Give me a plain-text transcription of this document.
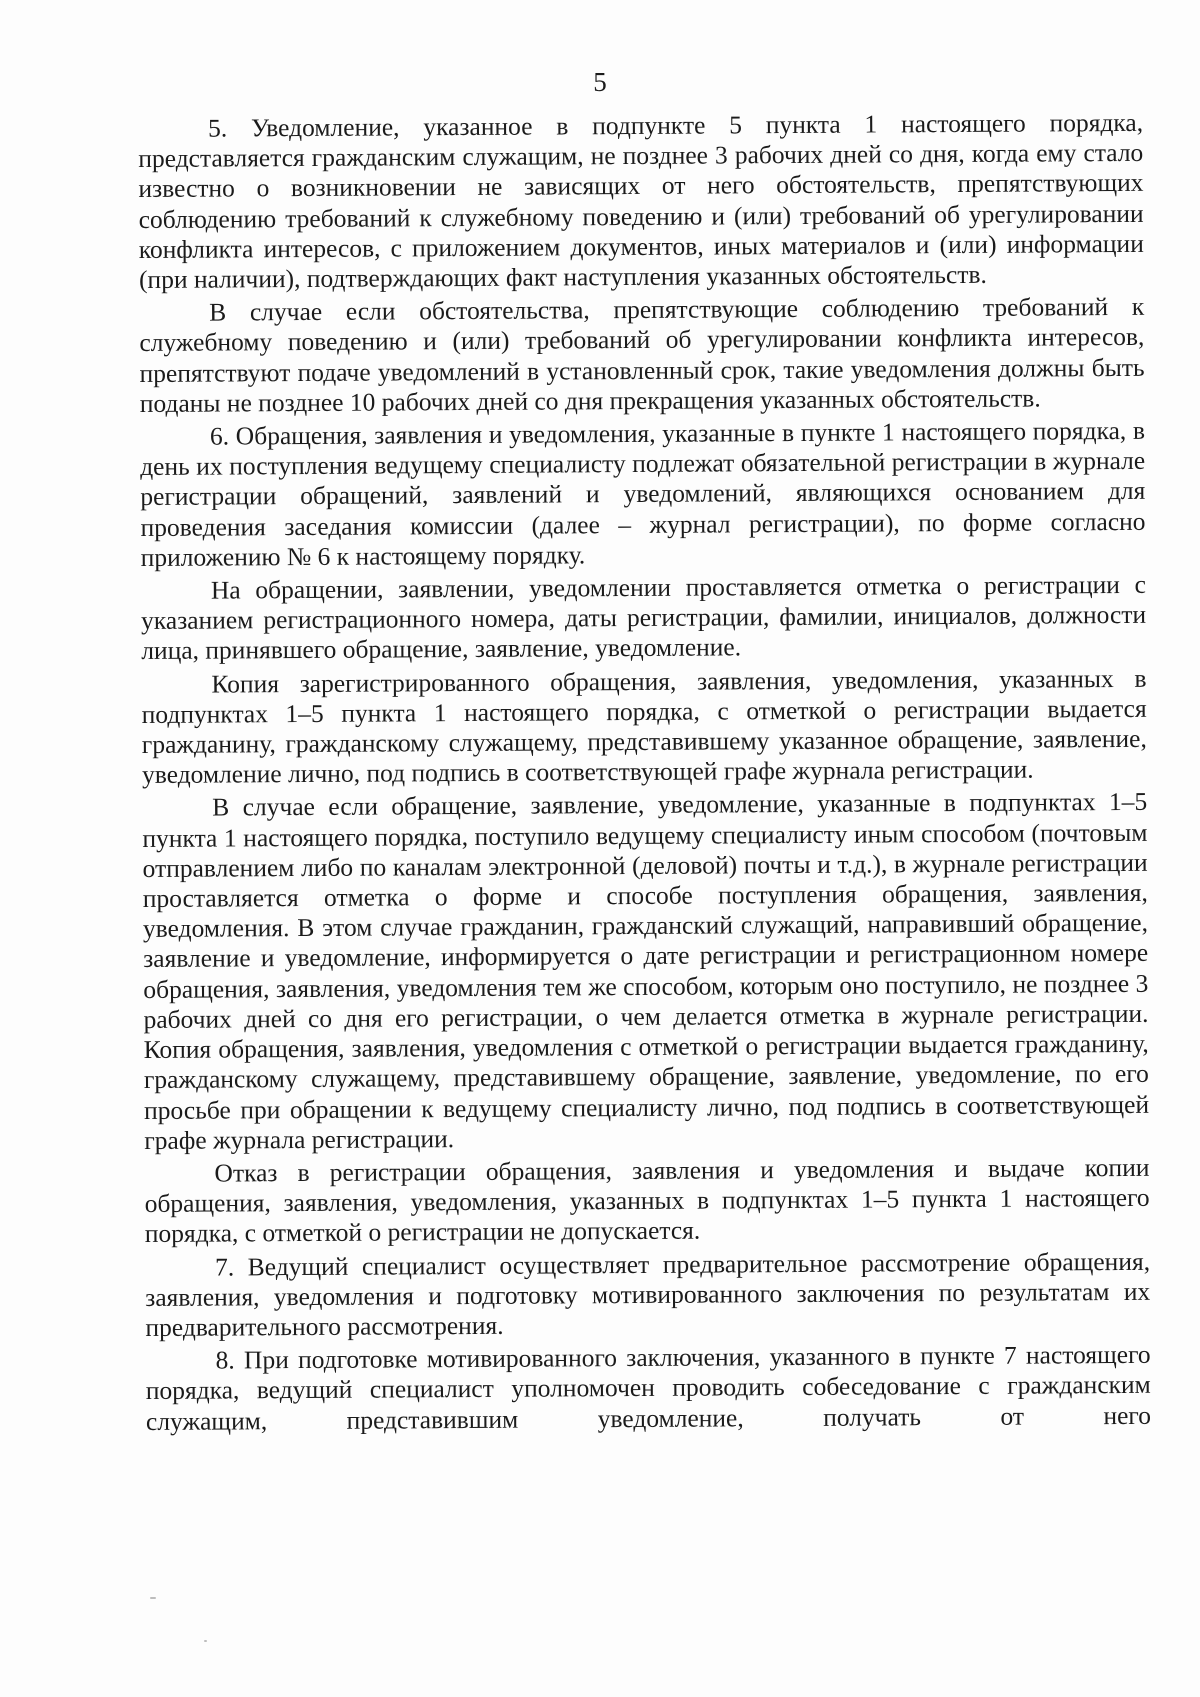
5

5. Уведомление, указанное в подпункте 5 пункта 1 настоящего порядка, представляется гражданским служащим, не позднее 3 рабочих дней со дня, когда ему стало известно о возникновении не зависящих от него обстоятельств, препятствующих соблюдению требований к служебному поведению и (или) требований об урегулировании конфликта интересов, с приложением документов, иных материалов и (или) информации (при наличии), подтверждающих факт наступления указанных обстоятельств.

В случае если обстоятельства, препятствующие соблюдению требований к служебному поведению и (или) требований об урегулировании конфликта интересов, препятствуют подаче уведомлений в установленный срок, такие уведомления должны быть поданы не позднее 10 рабочих дней со дня прекращения указанных обстоятельств.

6. Обращения, заявления и уведомления, указанные в пункте 1 настоящего порядка, в день их поступления ведущему специалисту подлежат обязательной регистрации в журнале регистрации обращений, заявлений и уведомлений, являющихся основанием для проведения заседания комиссии (далее – журнал регистрации), по форме согласно приложению № 6 к настоящему порядку.

На обращении, заявлении, уведомлении проставляется отметка о регистрации с указанием регистрационного номера, даты регистрации, фамилии, инициалов, должности лица, принявшего обращение, заявление, уведомление.

Копия зарегистрированного обращения, заявления, уведомления, указанных в подпунктах 1–5 пункта 1 настоящего порядка, с отметкой о регистрации выдается гражданину, гражданскому служащему, представившему указанное обращение, заявление, уведомление лично, под подпись в соответствующей графе журнала регистрации.

В случае если обращение, заявление, уведомление, указанные в подпунктах 1–5 пункта 1 настоящего порядка, поступило ведущему специалисту иным способом (почтовым отправлением либо по каналам электронной (деловой) почты и т.д.), в журнале регистрации проставляется отметка о форме и способе поступления обращения, заявления, уведомления. В этом случае гражданин, гражданский служащий, направивший обращение, заявление и уведомление, информируется о дате регистрации и регистрационном номере обращения, заявления, уведомления тем же способом, которым оно поступило, не позднее 3 рабочих дней со дня его регистрации, о чем делается отметка в журнале регистрации. Копия обращения, заявления, уведомления с отметкой о регистрации выдается гражданину, гражданскому служащему, представившему обращение, заявление, уведомление, по его просьбе при обращении к ведущему специалисту лично, под подпись в соответствующей графе журнала регистрации.

Отказ в регистрации обращения, заявления и уведомления и выдаче копии обращения, заявления, уведомления, указанных в подпунктах 1–5 пункта 1 настоящего порядка, с отметкой о регистрации не допускается.

7. Ведущий специалист осуществляет предварительное рассмотрение обращения, заявления, уведомления и подготовку мотивированного заключения по результатам их предварительного рассмотрения.

8. При подготовке мотивированного заключения, указанного в пункте 7 настоящего порядка, ведущий специалист уполномочен проводить собеседование с гражданским служащим, представившим уведомление, получать от него
